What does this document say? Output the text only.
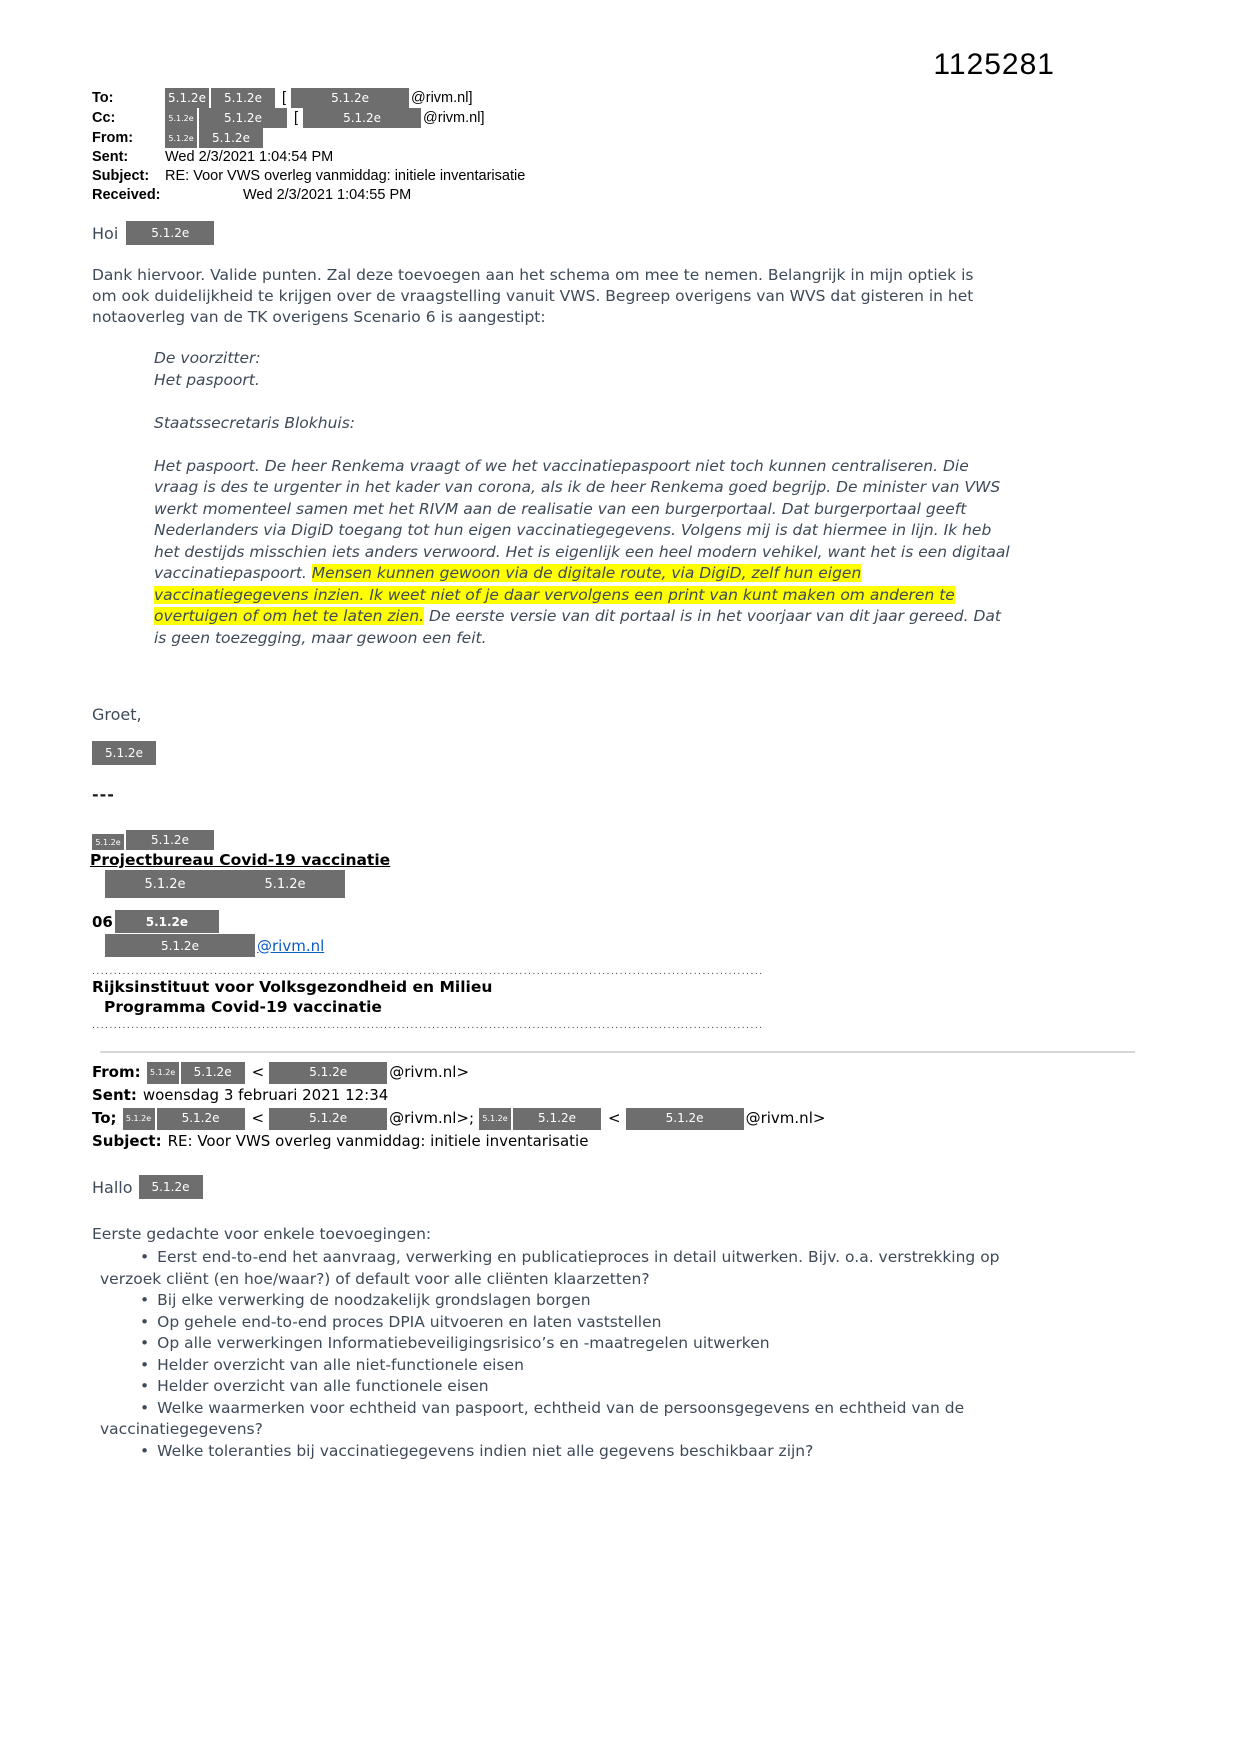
1125281
To:	5.1.2e	5.1.2e	[	5.1.2e	@rivm.nl]
Cc:	5.1.2e	5.1.2e	[	5.1.2e	@rivm.nl]
From:	5.1.2e	5.1.2e
Sent:	Wed 2/3/2021 1:04:54 PM
Subject:	RE: Voor VWS overleg vanmiddag: initiele inventarisatie
Received:	Wed 2/3/2021 1:04:55 PM
Hoi	5.1.2e
Dank hiervoor. Valide punten. Zal deze toevoegen aan het schema om mee te nemen. Belangrijk in mijn optiek is om ook duidelijkheid te krijgen over de vraagstelling vanuit VWS. Begreep overigens van WVS dat gisteren in het notaoverleg van de TK overigens Scenario 6 is aangestipt:
De voorzitter:
Het paspoort.
Staatssecretaris Blokhuis:

Het paspoort. De heer Renkema vraagt of we het vaccinatiepaspoort niet toch kunnen centraliseren. Die vraag is des te urgenter in het kader van corona, als ik de heer Renkema goed begrijp. De minister van VWS werkt momenteel samen met het RIVM aan de realisatie van een burgerportaal. Dat burgerportaal geeft Nederlanders via DigiD toegang tot hun eigen vaccinatiegegevens. Volgens mij is dat hiermee in lijn. Ik heb het destijds misschien iets anders verwoord. Het is eigenlijk een heel modern vehikel, want het is een digitaal vaccinatiepaspoort. Mensen kunnen gewoon via de digitale route, via DigiD, zelf hun eigen vaccinatiegegevens inzien. Ik weet niet of je daar vervolgens een print van kunt maken om anderen te overtuigen of om het te laten zien. De eerste versie van dit portaal is in het voorjaar van dit jaar gereed. Dat is geen toezegging, maar gewoon een feit.

Groet,
5.1.2e
---
5.1.2e	5.1.2e
Projectbureau Covid-19 vaccinatie
5.1.2e	5.1.2e
06	5.1.2e
5.1.2e	@rivm.nl
..........................................................................................................................................................
Rijksinstituut voor Volksgezondheid en Milieu
Programma Covid-19 vaccinatie
..........................................................................................................................................................
From:	5.1.2e	5.1.2e	<	5.1.2e	@rivm.nl>
Sent: woensdag 3 februari 2021 12:34
To;	5.1.2e	5.1.2e	<	5.1.2e	@rivm.nl>;	5.1.2e	5.1.2e	<	5.1.2e	@rivm.nl>
Subject: RE: Voor VWS overleg vanmiddag: initiele inventarisatie
Hallo	5.1.2e
Eerste gedachte voor enkele toevoegingen:
• Eerst end-to-end het aanvraag, verwerking en publicatieproces in detail uitwerken. Bijv. o.a. verstrekking op verzoek cliënt (en hoe/waar?) of default voor alle cliënten klaarzetten?
• Bij elke verwerking de noodzakelijk grondslagen borgen
• Op gehele end-to-end proces DPIA uitvoeren en laten vaststellen
• Op alle verwerkingen Informatiebeveiligingsrisico’s en -maatregelen uitwerken
• Helder overzicht van alle niet-functionele eisen
• Helder overzicht van alle functionele eisen
• Welke waarmerken voor echtheid van paspoort, echtheid van de persoonsgegevens en echtheid van de vaccinatiegegevens?
• Welke toleranties bij vaccinatiegegevens indien niet alle gegevens beschikbaar zijn?
